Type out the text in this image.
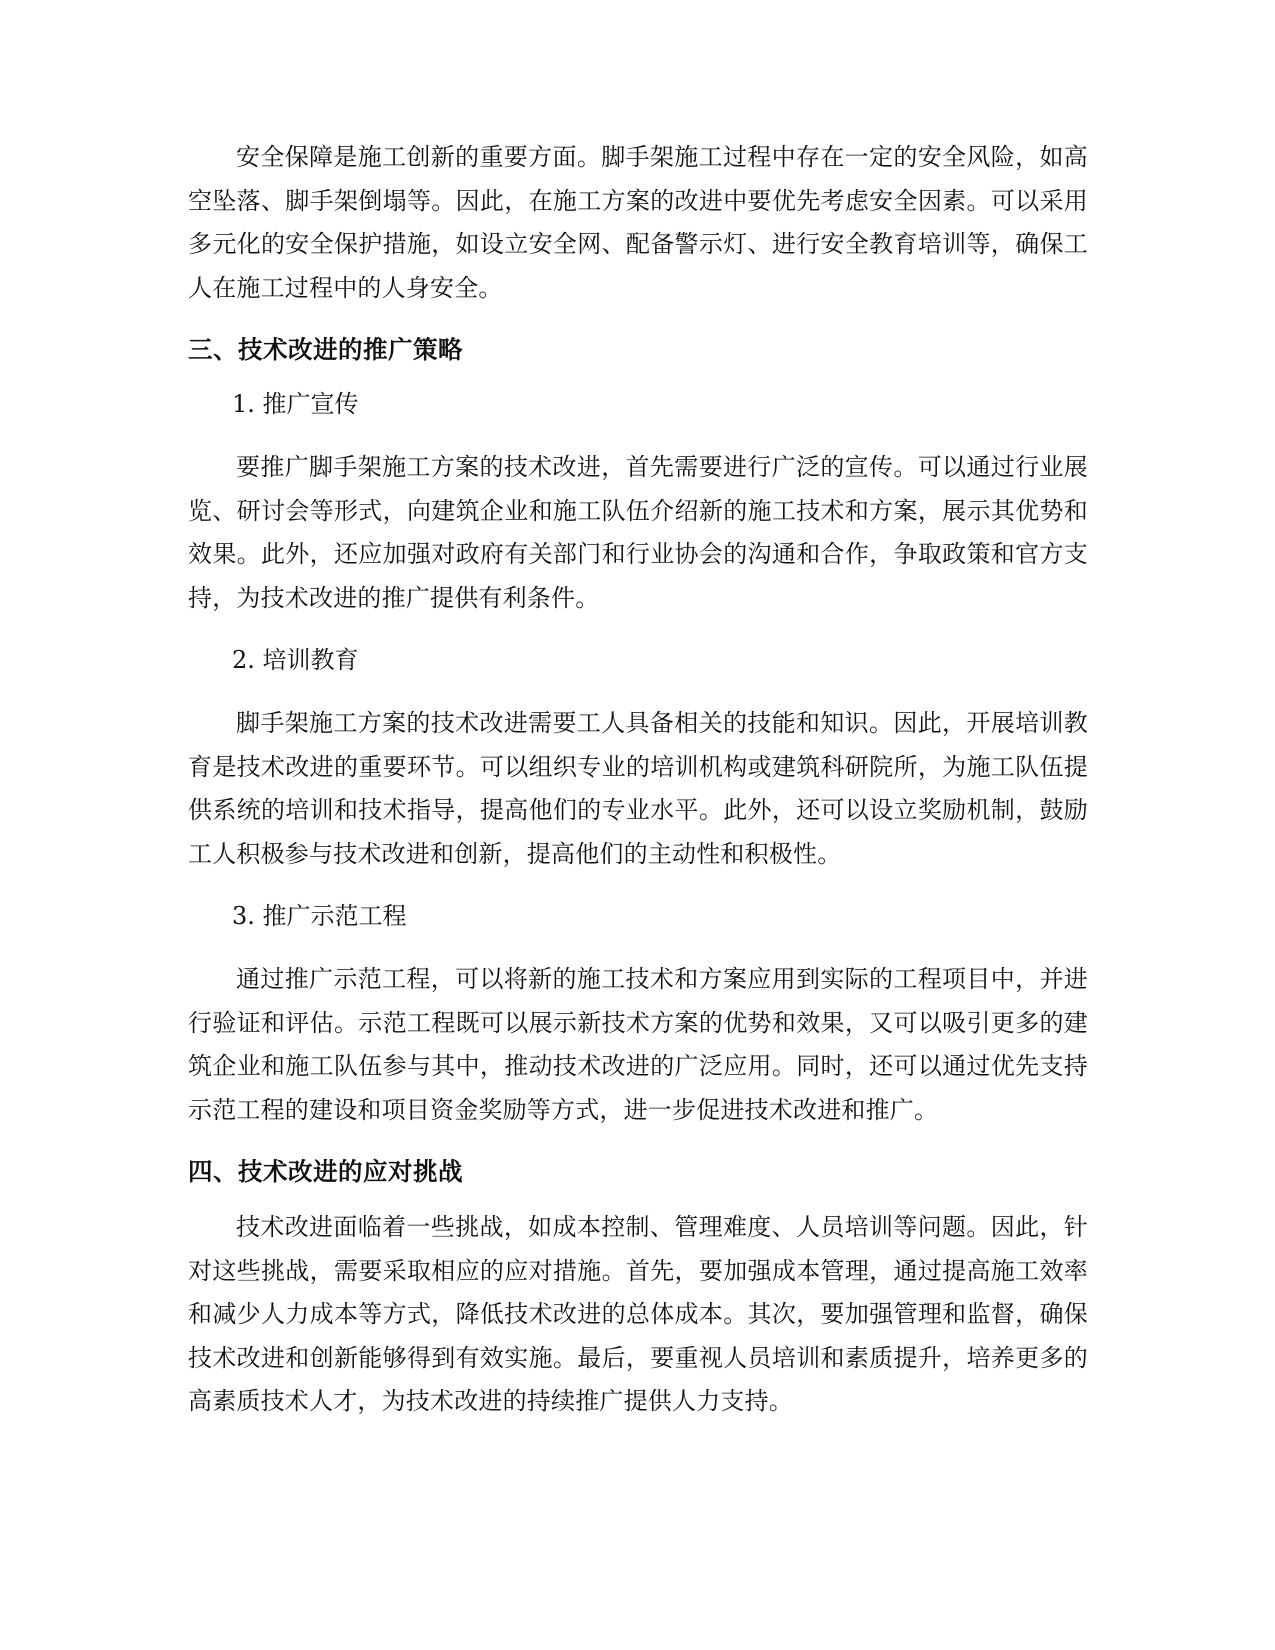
安全保障是施工创新的重要方面。脚手架施工过程中存在一定的安全风险，如高空坠落、脚手架倒塌等。因此，在施工方案的改进中要优先考虑安全因素。可以采用多元化的安全保护措施，如设立安全网、配备警示灯、进行安全教育培训等，确保工人在施工过程中的人身安全。

三、技术改进的推广策略
1. 推广宣传

要推广脚手架施工方案的技术改进，首先需要进行广泛的宣传。可以通过行业展览、研讨会等形式，向建筑企业和施工队伍介绍新的施工技术和方案，展示其优势和效果。此外，还应加强对政府有关部门和行业协会的沟通和合作，争取政策和官方支持，为技术改进的推广提供有利条件。

2. 培训教育

脚手架施工方案的技术改进需要工人具备相关的技能和知识。因此，开展培训教育是技术改进的重要环节。可以组织专业的培训机构或建筑科研院所，为施工队伍提供系统的培训和技术指导，提高他们的专业水平。此外，还可以设立奖励机制，鼓励工人积极参与技术改进和创新，提高他们的主动性和积极性。

3. 推广示范工程

通过推广示范工程，可以将新的施工技术和方案应用到实际的工程项目中，并进行验证和评估。示范工程既可以展示新技术方案的优势和效果，又可以吸引更多的建筑企业和施工队伍参与其中，推动技术改进的广泛应用。同时，还可以通过优先支持示范工程的建设和项目资金奖励等方式，进一步促进技术改进和推广。

四、技术改进的应对挑战

技术改进面临着一些挑战，如成本控制、管理难度、人员培训等问题。因此，针对这些挑战，需要采取相应的应对措施。首先，要加强成本管理，通过提高施工效率和减少人力成本等方式，降低技术改进的总体成本。其次，要加强管理和监督，确保技术改进和创新能够得到有效实施。最后，要重视人员培训和素质提升，培养更多的高素质技术人才，为技术改进的持续推广提供人力支持。
